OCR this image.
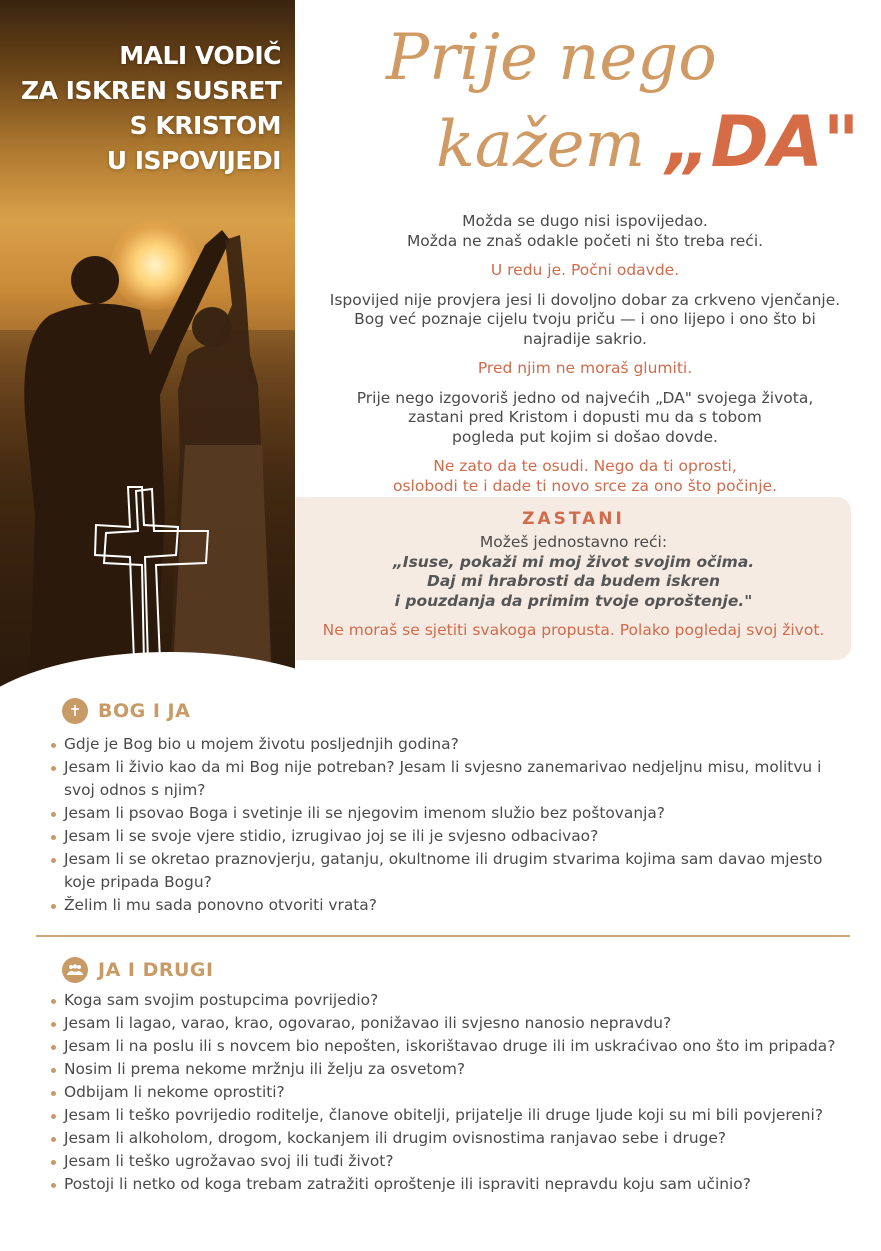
MALI VODIČ
ZA ISKREN SUSRET
S KRISTOM
U ISPOVIJEDI
Prije nego
kažem „DA"

Možda se dugo nisi ispovijedao.

Možda ne znaš odakle početi ni što treba reći.

U redu je. Počni odavde.

Ispovijed nije provjera jesi li dovoljno dobar za crkveno vjenčanje.

Bog već poznaje cijelu tvoju priču — i ono lijepo i ono što bi

najradije sakrio.

Pred njim ne moraš glumiti.

Prije nego izgovoriš jedno od najvećih „DA" svojega života,

zastani pred Kristom i dopusti mu da s tobom

pogleda put kojim si došao dovde.

Ne zato da te osudi. Nego da ti oprosti,

oslobodi te i dade ti novo srce za ono što počinje.

ZASTANI

Možeš jednostavno reći:

„Isuse, pokaži mi moj život svojim očima.

Daj mi hrabrosti da budem iskren

i pouzdanja da primim tvoje oproštenje."

Ne moraš se sjetiti svakoga propusta. Polako pogledaj svoj život.

✝ BOG I JA
Gdje je Bog bio u mojem životu posljednjih godina?
Jesam li živio kao da mi Bog nije potreban? Jesam li svjesno zanemarivao nedjeljnu misu, molitvu i svoj odnos s njim?
Jesam li psovao Boga i svetinje ili se njegovim imenom služio bez poštovanja?
Jesam li se svoje vjere stidio, izrugivao joj se ili je svjesno odbacivao?
Jesam li se okretao praznovjerju, gatanju, okultnome ili drugim stvarima kojima sam davao mjesto koje pripada Bogu?
Želim li mu sada ponovno otvoriti vrata?
JA I DRUGI
Koga sam svojim postupcima povrijedio?
Jesam li lagao, varao, krao, ogovarao, ponižavao ili svjesno nanosio nepravdu?
Jesam li na poslu ili s novcem bio nepošten, iskorištavao druge ili im uskraćivao ono što im pripada?
Nosim li prema nekome mržnju ili želju za osvetom?
Odbijam li nekome oprostiti?
Jesam li teško povrijedio roditelje, članove obitelji, prijatelje ili druge ljude koji su mi bili povjereni?
Jesam li alkoholom, drogom, kockanjem ili drugim ovisnostima ranjavao sebe i druge?
Jesam li teško ugrožavao svoj ili tuđi život?
Postoji li netko od koga trebam zatražiti oproštenje ili ispraviti nepravdu koju sam učinio?
